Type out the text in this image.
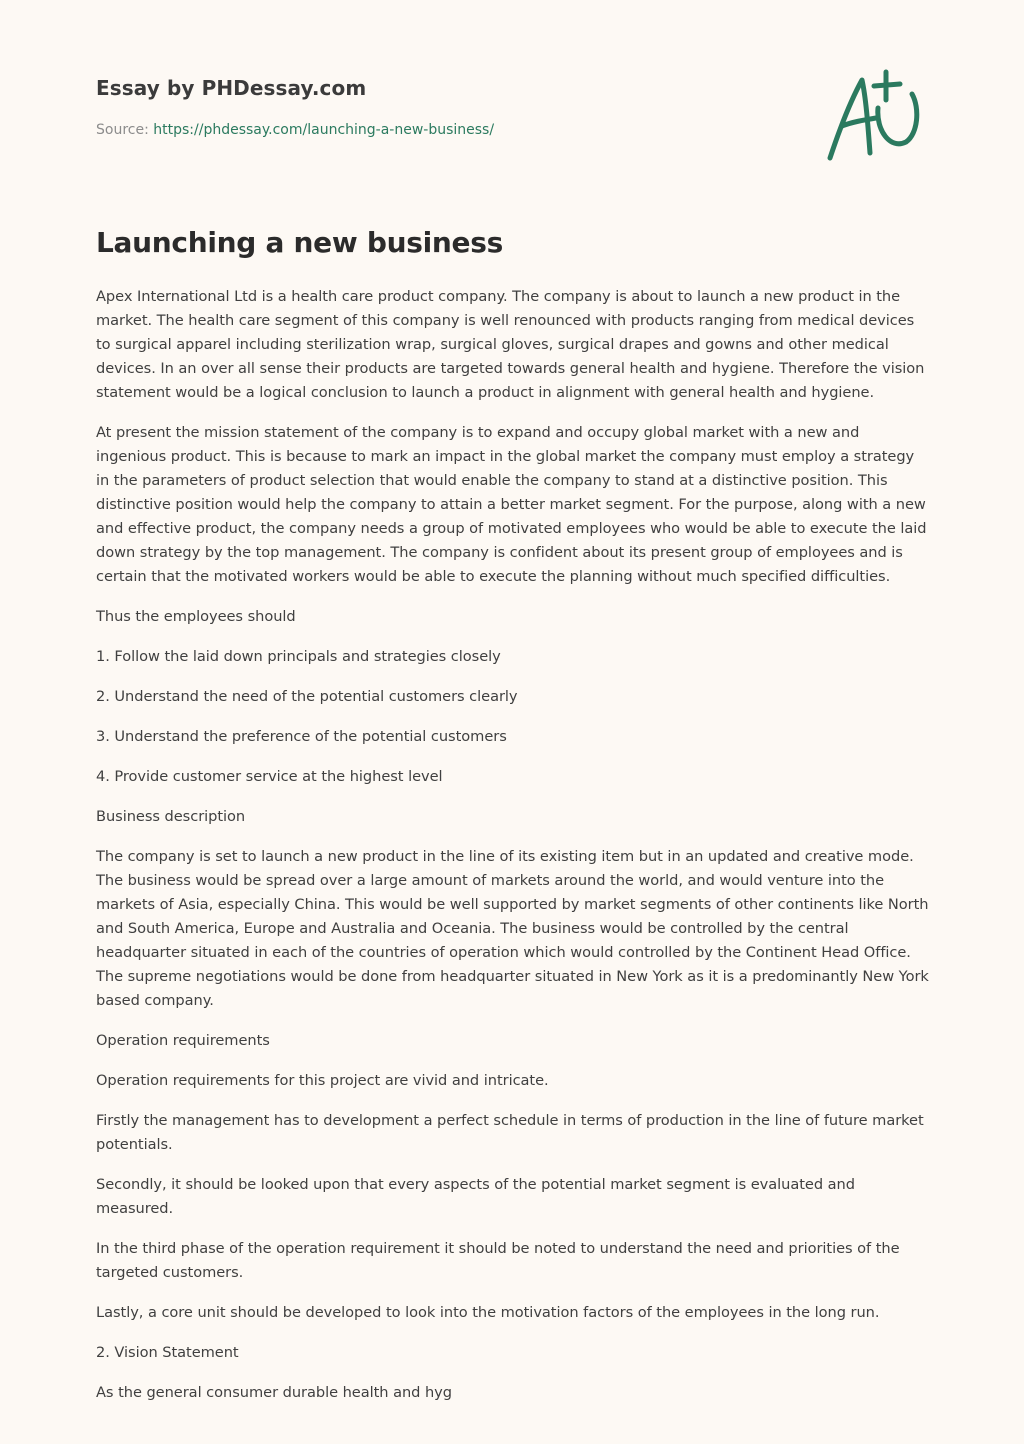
Essay by PHDessay.com
Source: https://phdessay.com/launching-a-new-business/
Launching a new business

Apex International Ltd is a health care product company. The company is about to launch a new product in the market. The health care segment of this company is well renounced with products ranging from medical devices to surgical apparel including sterilization wrap, surgical gloves, surgical drapes and gowns and other medical devices. In an over all sense their products are targeted towards general health and hygiene. Therefore the vision statement would be a logical conclusion to launch a product in alignment with general health and hygiene.

At present the mission statement of the company is to expand and occupy global market with a new and ingenious product. This is because to mark an impact in the global market the company must employ a strategy in the parameters of product selection that would enable the company to stand at a distinctive position. This distinctive position would help the company to attain a better market segment. For the purpose, along with a new and effective product, the company needs a group of motivated employees who would be able to execute the laid down strategy by the top management. The company is confident about its present group of employees and is certain that the motivated workers would be able to execute the planning without much specified difficulties.

Thus the employees should

1. Follow the laid down principals and strategies closely

2. Understand the need of the potential customers clearly

3. Understand the preference of the potential customers

4. Provide customer service at the highest level

Business description

The company is set to launch a new product in the line of its existing item but in an updated and creative mode. The business would be spread over a large amount of markets around the world, and would venture into the markets of Asia, especially China. This would be well supported by market segments of other continents like North and South America, Europe and Australia and Oceania. The business would be controlled by the central headquarter situated in each of the countries of operation which would controlled by the Continent Head Office. The supreme negotiations would be done from headquarter situated in New York as it is a predominantly New York based company.

Operation requirements

Operation requirements for this project are vivid and intricate.

Firstly the management has to development a perfect schedule in terms of production in the line of future market potentials.

Secondly, it should be looked upon that every aspects of the potential market segment is evaluated and measured.

In the third phase of the operation requirement it should be noted to understand the need and priorities of the targeted customers.

Lastly, a core unit should be developed to look into the motivation factors of the employees in the long run.

2. Vision Statement

As the general consumer durable health and hyg
